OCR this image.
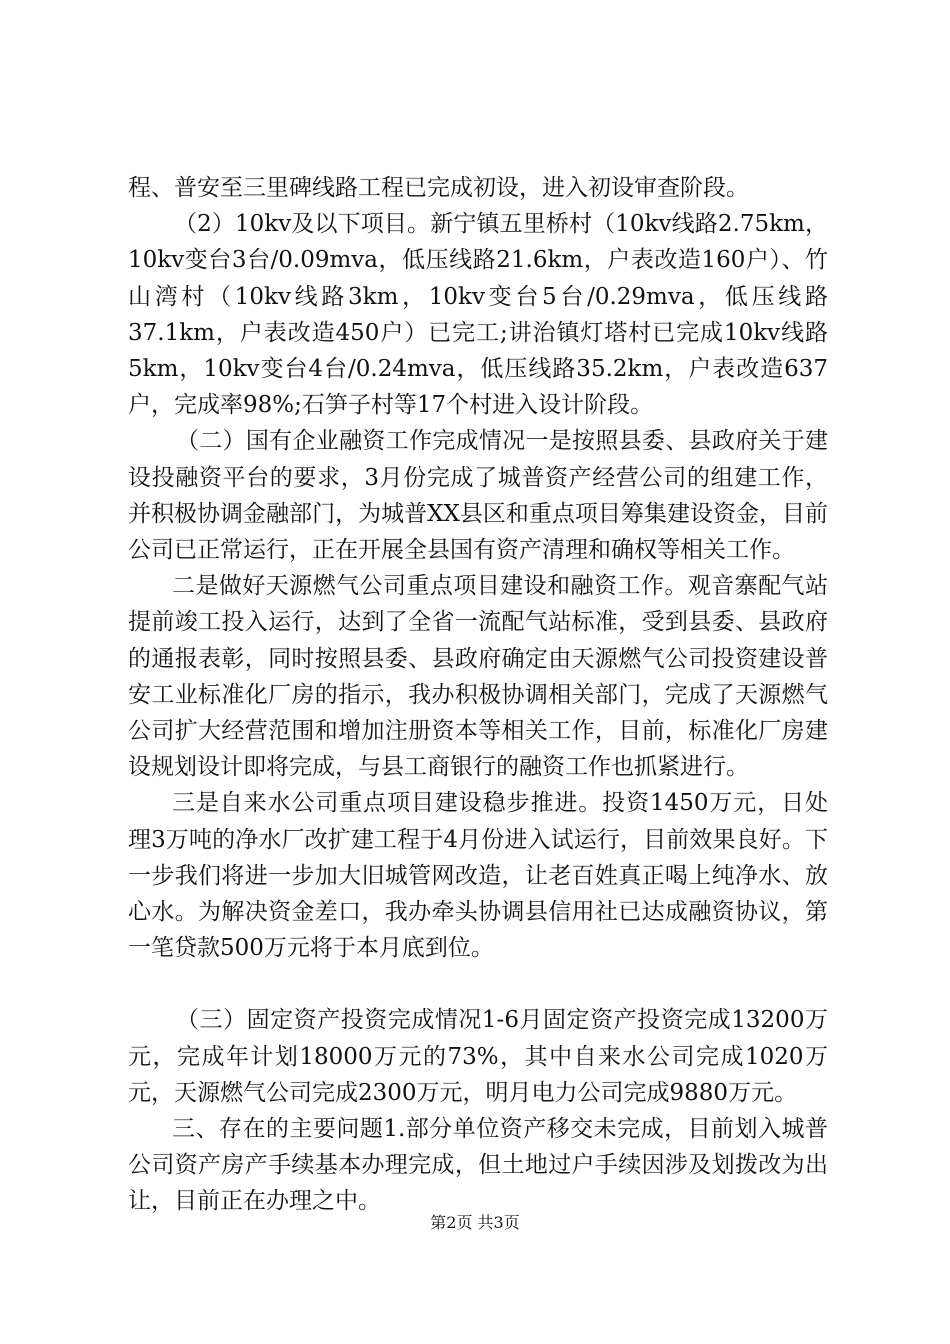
程、普安至三里碑线路工程已完成初设，进入初设审查阶段。

（2）10kv及以下项目。新宁镇五里桥村（10kv线路2.75km，10kv变台3台/0.09mva，低压线路21.6km，户表改造160户）、竹山湾村（10kv线路3km，10kv变台5台/0.29mva，低压线路37.1km，户表改造450户）已完工;讲治镇灯塔村已完成10kv线路5km，10kv变台4台/0.24mva，低压线路35.2km，户表改造637户，完成率98%;石笋子村等17个村进入设计阶段。

（二）国有企业融资工作完成情况一是按照县委、县政府关于建设投融资平台的要求，3月份完成了城普资产经营公司的组建工作，并积极协调金融部门，为城普XX县区和重点项目筹集建设资金，目前公司已正常运行，正在开展全县国有资产清理和确权等相关工作。

二是做好天源燃气公司重点项目建设和融资工作。观音寨配气站提前竣工投入运行，达到了全省一流配气站标准，受到县委、县政府的通报表彰，同时按照县委、县政府确定由天源燃气公司投资建设普安工业标准化厂房的指示，我办积极协调相关部门，完成了天源燃气公司扩大经营范围和增加注册资本等相关工作，目前，标准化厂房建设规划设计即将完成，与县工商银行的融资工作也抓紧进行。

三是自来水公司重点项目建设稳步推进。投资1450万元，日处理3万吨的净水厂改扩建工程于4月份进入试运行，目前效果良好。下一步我们将进一步加大旧城管网改造，让老百姓真正喝上纯净水、放心水。为解决资金差口，我办牵头协调县信用社已达成融资协议，第一笔贷款500万元将于本月底到位。

（三）固定资产投资完成情况1-6月固定资产投资完成13200万元，完成年计划18000万元的73%，其中自来水公司完成1020万元，天源燃气公司完成2300万元，明月电力公司完成9880万元。

三、存在的主要问题1.部分单位资产移交未完成，目前划入城普公司资产房产手续基本办理完成，但土地过户手续因涉及划拨改为出让，目前正在办理之中。

第2页 共3页
